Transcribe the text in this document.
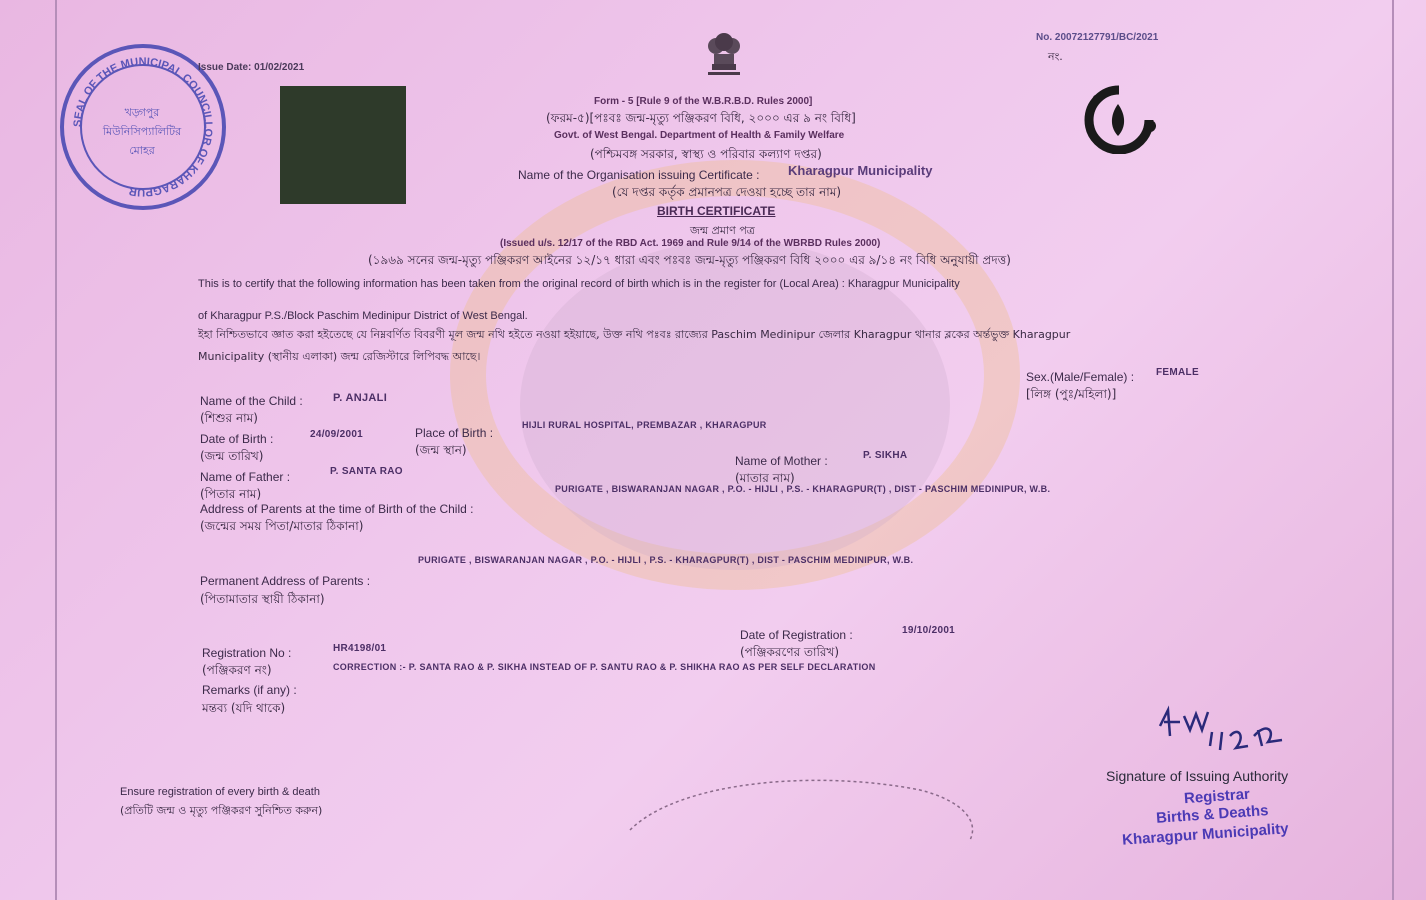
SEAL OF THE MUNICIPAL COUNCILLOR OF KHARAGPUR
খড়্গপুর মিউনিসিপ্যালিটির মোহর
Issue Date: 01/02/2021
No. 20072127791/BC/2021
নং.
Form - 5 [Rule 9 of the W.B.R.B.D. Rules 2000]
(ফরম-৫)[পঃবঃ জন্ম-মৃত্যু পঞ্জিকরণ বিধি, ২০০০ এর ৯ নং বিধি]
Govt. of West Bengal. Department of Health & Family Welfare
(পশ্চিমবঙ্গ সরকার, স্বাস্থ্য ও পরিবার কল্যাণ দপ্তর)
Name of the Organisation issuing Certificate : Kharagpur Municipality
(যে দপ্তর কর্তৃক প্রমানপত্র দেওয়া হচ্ছে তার নাম)
BIRTH CERTIFICATE
জন্ম প্রমাণ পত্র
(Issued u/s. 12/17 of the RBD Act. 1969 and Rule 9/14 of the WBRBD Rules 2000)
(১৯৬৯ সনের জন্ম-মৃত্যু পঞ্জিকরণ আইনের ১২/১৭ ধারা এবং পঃবঃ জন্ম-মৃত্যু পঞ্জিকরণ বিধি ২০০০ এর ৯/১৪ নং বিধি অনুযায়ী প্রদত্ত)
This is to certify that the following information has been taken from the original record of birth which is in the register for (Local Area) : Kharagpur Municipality
of Kharagpur P.S./Block Paschim Medinipur District of West Bengal.
ইহা নিশ্চিতভাবে জ্ঞাত করা হইতেছে যে নিম্নবর্ণিত বিবরণী মূল জন্ম নথি হইতে নওয়া হইয়াছে, উক্ত নথি পঃবঃ রাজ্যের Paschim Medinipur জেলার Kharagpur থানার ব্লকের অর্ন্তভুক্ত Kharagpur
Municipality (স্থানীয় এলাকা) জন্ম রেজিস্টারে লিপিবদ্ধ আছে।
Name of the Child :
(শিশুর নাম)
P. ANJALI
Sex.(Male/Female) :
[লিঙ্গ (পুঃ/মহিলা)]
FEMALE
Date of Birth :
(জন্ম তারিখ)
24/09/2001	Place of Birth :
(জন্ম স্থান)
HIJLI RURAL HOSPITAL, PREMBAZAR , KHARAGPUR
Name of Father :
(পিতার নাম)
P. SANTA RAO
Name of Mother :
(মাতার নাম)
P. SIKHA
Address of Parents at the time of Birth of the Child :
(জন্মের সময় পিতা/মাতার ঠিকানা)
PURIGATE , BISWARANJAN NAGAR , P.O. - HIJLI , P.S. - KHARAGPUR(T) , DIST - PASCHIM MEDINIPUR, W.B.
Permanent Address of Parents :
(পিতামাতার স্থায়ী ঠিকানা)
PURIGATE , BISWARANJAN NAGAR , P.O. - HIJLI , P.S. - KHARAGPUR(T) , DIST - PASCHIM MEDINIPUR, W.B.
Registration No :
(পঞ্জিকরণ নং)
HR4198/01
Date of Registration :
(পঞ্জিকরণের তারিখ)
19/10/2001
Remarks (if any) :
মন্তব্য (যদি থাকে)
CORRECTION :- P. SANTA RAO & P. SIKHA INSTEAD OF P. SANTU RAO & P. SHIKHA RAO AS PER SELF DECLARATION
Ensure registration of every birth & death
(প্রতিটি জন্ম ও মৃত্যু পঞ্জিকরণ সুনিশ্চিত করুন)
Signature of Issuing Authority
Registrar
Births & Deaths
Kharagpur Municipality
